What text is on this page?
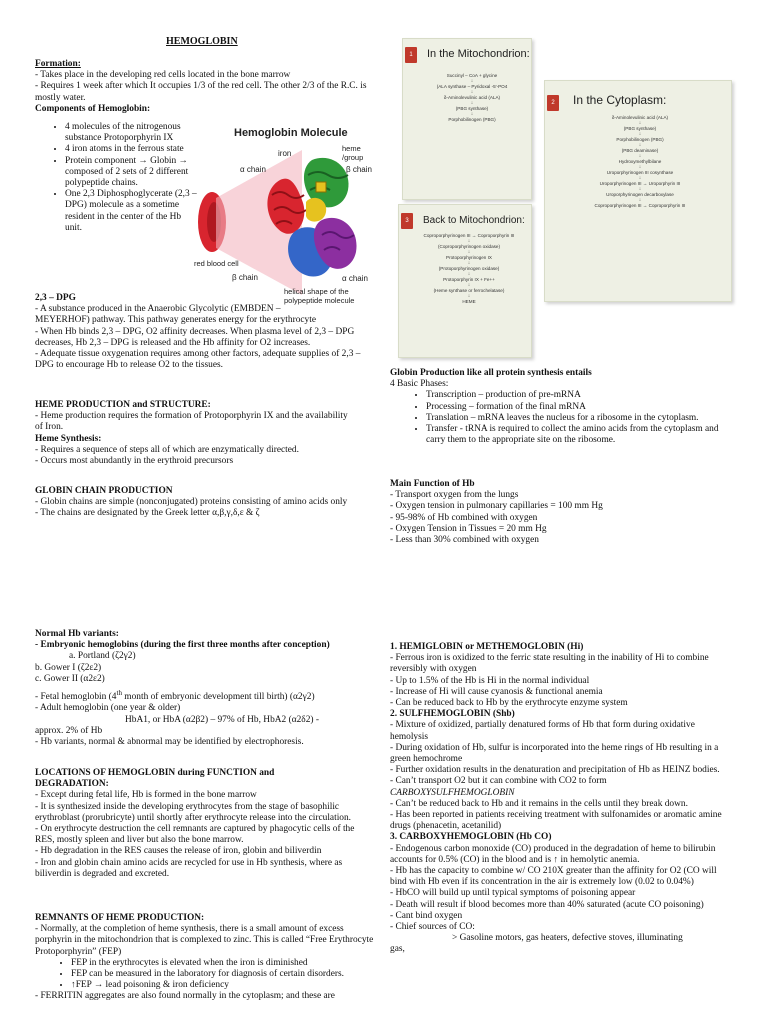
HEMOGLOBIN

Formation:

- Takes place in the developing red cells located in the bone marrow

- Requires 1 week after which It occupies 1/3 of the red cell. The other 2/3 of the R.C. is mostly water.

Components of Hemoglobin:

• 4 molecules of the nitrogenous substance Protoporphyrin IX
• 4 iron atoms in the ferrous state
• Protein component → Globin → composed of 2 sets of 2 different polypeptide chains.
• One 2,3 Diphosphoglycerate (2,3 – DPG) molecule as a sometime resident in the center of the Hb unit.
Hemoglobin Molecule
α chain
iron
heme
/group
β chain
red blood cell
β chain	α chain
helical shape of the
polypeptide molecule

2,3 – DPG

- A substance produced in the Anaerobic Glycolytic (EMBDEN – MEYERHOF) pathway. This pathway generates energy for the erythrocyte

- When Hb binds 2,3 – DPG, O2 affinity decreases. When plasma level of 2,3 – DPG decreases, Hb 2,3 – DPG is released and the Hb affinity for O2 increases.

- Adequate tissue oxygenation requires among other factors, adequate supplies of 2,3 – DPG to encourage Hb to release O2 to the tissues.

HEME PRODUCTION and STRUCTURE:

- Heme production requires the formation of Protoporphyrin IX and the availability of Iron.

Heme Synthesis:

- Requires a sequence of steps all of which are enzymatically directed.

- Occurs most abundantly in the erythroid precursors

GLOBIN CHAIN PRODUCTION

- Globin chains are simple (nonconjugated) proteins consisting of amino acids only

- The chains are designated by the Greek letter α,β,γ,δ,ε & ζ

1	In the Mitochondrion:
Succinyl – CoA + glycine
↓
(ALA synthase – Pyridoxal -5'-PO4
↓
δ-Aminolevulinic acid (ALA)
↓
(PBG synthase)
↓
Porphobilinogen (PBG)
2	In the Cytoplasm:
δ-Aminolevulinic acid (ALA)
↓
(PBG synthase)
↓
Porphobilinogen (PBG)
↓
(PBG deaminase)
↓
Hydroxymethylbilane
↓
Uroporphyrinogen III cosynthase
↓
Uroporphyrinogen III → Uroporphyrin III
↓
Uroporphyrinogen decarboxylase
↓
Coproporphyrinogen III → Coproporphyrin III
3	Back to Mitochondrion:
Coproporphyrinogen III → Coproporphyrin III
↓
(Coproporphyrinogen oxidase)
↓
Protoporphyrinogen IX
↓
(Protoporphyrinogen oxidase)
↓
Protoporphyrin IX + Fe++
↓
(Heme synthase or ferrochelatase)
↓
HEME

Globin Production like all protein synthesis entails

4 Basic Phases:

• Transcription – production of pre-mRNA
• Processing – formation of the final mRNA
• Translation – mRNA leaves the nucleus for a ribosome in the cytoplasm.
• Transfer - tRNA is required to collect the amino acids from the cytoplasm and carry them to the appropriate site on the ribosome.

Main Function of Hb

- Transport oxygen from the lungs

- Oxygen tension in pulmonary capillaries = 100 mm Hg

- 95-98% of Hb combined with oxygen

- Oxygen Tension in Tissues = 20 mm Hg

- Less than 30% combined with oxygen

Normal Hb variants:

- Embryonic hemoglobins (during the first three months after conception)

a. Portland (ζ2γ2)

b. Gower I (ζ2ε2)

c. Gower II (α2ε2)

- Fetal hemoglobin (4th month of embryonic development till birth) (α2γ2)

- Adult hemoglobin (one year & older)

HbA1, or HbA (α2β2) – 97% of Hb, HbA2 (α2δ2) -

approx. 2% of Hb

- Hb variants, normal & abnormal may be identified by electrophoresis.

LOCATIONS OF HEMOGLOBIN during FUNCTION and DEGRADATION:

- Except during fetal life, Hb is formed in the bone marrow

- It is synthesized inside the developing erythrocytes from the stage of basophilic erythroblast (prorubricyte) until shortly after erythrocyte release into the circulation.

- On erythrocyte destruction the cell remnants are captured by phagocytic cells of the RES, mostly spleen and liver but also the bone marrow.

- Hb degradation in the RES causes the release of iron, globin and biliverdin

- Iron and globin chain amino acids are recycled for use in Hb synthesis, where as biliverdin is degraded and excreted.

REMNANTS OF HEME PRODUCTION:

- Normally, at the completion of heme synthesis, there is a small amount of excess porphyrin in the mitochondrion that is complexed to zinc. This is called “Free Erythrocyte Protoporphyrin” (FEP)

• FEP in the erythrocytes is elevated when the iron is diminished
• FEP can be measured in the laboratory for diagnosis of certain disorders.
• ↑FEP → lead poisoning & iron deficiency

- FERRITIN aggregates are also found normally in the cytoplasm; and these are

1. HEMIGLOBIN or METHEMOGLOBIN (Hi)

- Ferrous iron is oxidized to the ferric state resulting in the inability of Hi to combine reversibly with oxygen

- Up to 1.5% of the Hb is Hi in the normal individual

- Increase of Hi will cause cyanosis & functional anemia

- Can be reduced back to Hb by the erythrocyte enzyme system

2. SULFHEMOGLOBIN (Shb)

- Mixture of oxidized, partially denatured forms of Hb that form during oxidative hemolysis

- During oxidation of Hb, sulfur is incorporated into the heme rings of Hb resulting in a green hemochrome

- Further oxidation results in the denaturation and precipitation of Hb as HEINZ bodies.

- Can’t transport O2 but it can combine with CO2 to form

CARBOXYSULFHEMOGLOBIN

- Can’t be reduced back to Hb and it remains in the cells until they break down.

- Has been reported in patients receiving treatment with sulfonamides or aromatic amine drugs (phenacetin, acetanilid)

3. CARBOXYHEMOGLOBIN (Hb CO)

- Endogenous carbon monoxide (CO) produced in the degradation of heme to bilirubin accounts for 0.5% (CO) in the blood and is ↑ in hemolytic anemia.

- Hb has the capacity to combine w/ CO 210X greater than the affinity for O2 (CO will bind with Hb even if its concentration in the air is extremely low (0.02 to 0.04%)

- HbCO will build up until typical symptoms of poisoning appear

- Death will result if blood becomes more than 40% saturated (acute CO poisoning)

- Cant bind oxygen

- Chief sources of CO:

> Gasoline motors, gas heaters, defective stoves, illuminating

gas,
